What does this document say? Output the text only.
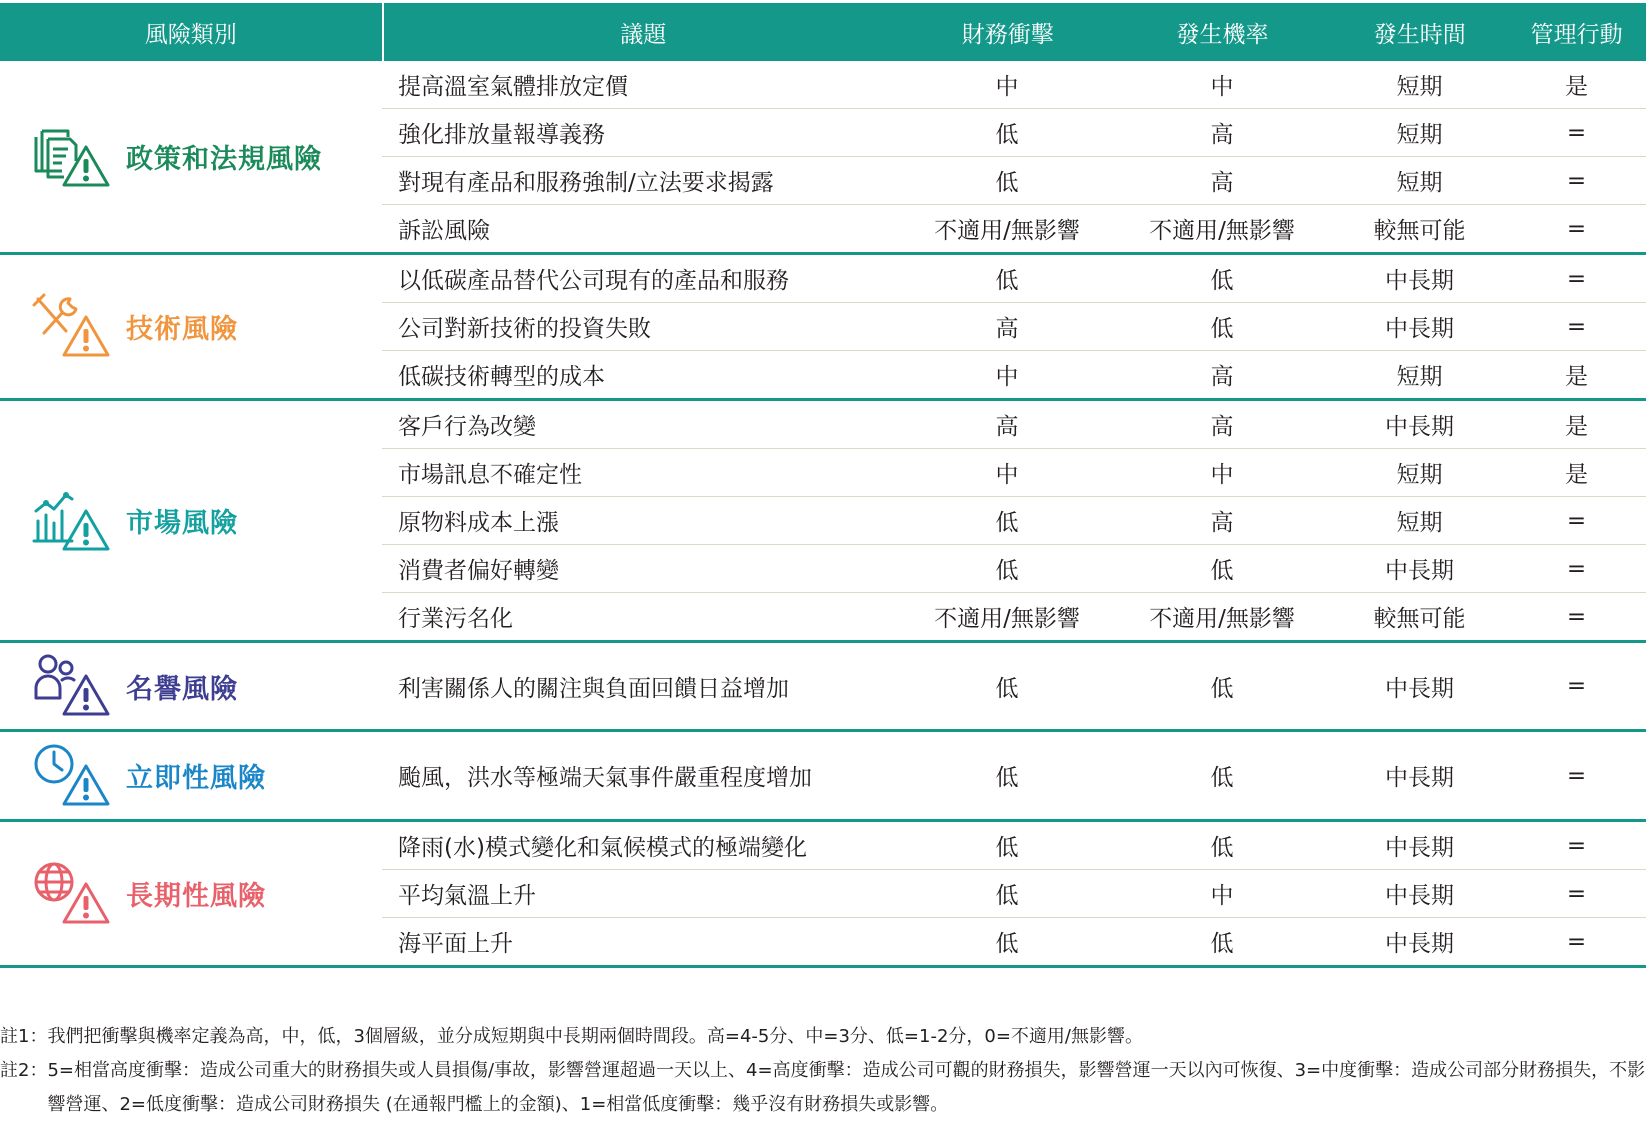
風險類別	議題	財務衝擊	發生機率	發生時間	管理行動
政策和法規風險
提高溫室氣體排放定價	中	中	短期	是
強化排放量報導義務	低	高	短期	=
對現有產品和服務強制/立法要求揭露	低	高	短期	=
訴訟風險	不適用/無影響	不適用/無影響	較無可能	=
技術風險
以低碳產品替代公司現有的產品和服務	低	低	中長期	=
公司對新技術的投資失敗	高	低	中長期	=
低碳技術轉型的成本	中	高	短期	是
市場風險
客戶行為改變	高	高	中長期	是
市場訊息不確定性	中	中	短期	是
原物料成本上漲	低	高	短期	=
消費者偏好轉變	低	低	中長期	=
行業污名化	不適用/無影響	不適用/無影響	較無可能	=
名譽風險	利害關係人的關注與負面回饋日益增加	低	低	中長期	=
立即性風險	颱風，洪水等極端天氣事件嚴重程度增加	低	低	中長期	=
長期性風險
降雨(水)模式變化和氣候模式的極端變化	低	低	中長期	=
平均氣溫上升	低	中	中長期	=
海平面上升	低	低	中長期	=
註1： 我們把衝擊與機率定義為高，中，低，3個層級，並分成短期與中長期兩個時間段。高=4-5分、中=3分、低=1-2分，0=不適用/無影響。
註2： 5=相當高度衝擊：造成公司重大的財務損失或人員損傷/事故，影響營運超過一天以上、4=高度衝擊：造成公司可觀的財務損失，影響營運一天以內可恢復、3=中度衝擊：造成公司部分財務損失，不影響營運、2=低度衝擊：造成公司財務損失 (在通報門檻上的金額)、1=相當低度衝擊：幾乎沒有財務損失或影響。
